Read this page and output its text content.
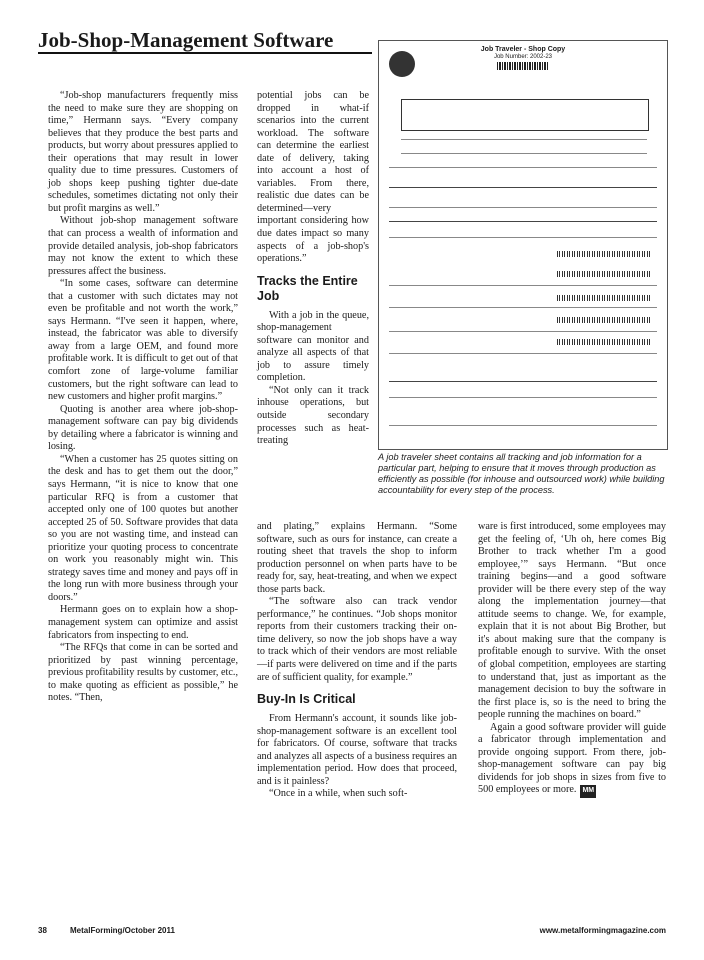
Job-Shop-Management Software

“Job-shop manufacturers frequently miss the need to make sure they are shopping on time,” Hermann says. “Every company believes that they produce the best parts and products, but worry about pressures applied to their operations that may result in lower quality due to time pressures. Customers of job shops keep pushing tighter due-date schedules, sometimes dictating not only their but profit margins as well.”

Without job-shop management software that can process a wealth of information and provide detailed analysis, job-shop fabricators may not know the extent to which these pressures affect the business.

“In some cases, software can determine that a customer with such dictates may not even be profitable and not worth the work,” says Hermann. “I've seen it happen, where, instead, the fabricator was able to diversify away from a large OEM, and found more profitable work. It is difficult to get out of that comfort zone of large-volume familiar customers, but the right software can lead to new customers and higher profit margins.”

Quoting is another area where job-shop-management software can pay big dividends by detailing where a fabricator is winning and losing.

“When a customer has 25 quotes sitting on the desk and has to get them out the door,” says Hermann, “it is nice to know that one particular RFQ is from a customer that accepted only one of 100 quotes but another accepted 25 of 50. Software provides that data so you are not wasting time, and instead can prioritize your quoting process to concentrate on work you reasonably might win. This strategy saves time and money and pays off in the long run with more business through your doors.”

Hermann goes on to explain how a shop-management system can optimize and assist fabricators from inspecting to end.

“The RFQs that come in can be sorted and prioritized by past winning percentage, previous profitability results by customer, etc., to make quoting as efficient as possible,” he notes. “Then,

potential jobs can be dropped in what-if scenarios into the current workload. The software can determine the earliest date of delivery, taking into account a host of variables. From there, realistic due dates can be determined—very important considering how due dates impact so many aspects of a job-shop's operations.”

Tracks the Entire Job

With a job in the queue, shop-management software can monitor and analyze all aspects of that job to assure timely completion.

“Not only can it track inhouse operations, but outside secondary processes such as heat-treating

and plating,” explains Hermann. “Some software, such as ours for instance, can create a routing sheet that travels the shop to inform production personnel on when parts have to be ready for, say, heat-treating, and when we expect those parts back.

“The software also can track vendor performance,” he continues. “Job shops monitor reports from their customers tracking their on-time delivery, so now the job shops have a way to track which of their vendors are most reliable—if parts were delivered on time and if the parts are of sufficient quality, for example.”

Buy-In Is Critical

From Hermann's account, it sounds like job-shop-management software is an excellent tool for fabricators. Of course, software that tracks and analyzes all aspects of a business requires an implementation period. How does that proceed, and is it painless?

“Once in a while, when such soft-

ware is first introduced, some employees may get the feeling of, ‘Uh oh, here comes Big Brother to track whether I'm a good employee,’” says Hermann. “But once training begins—and a good software provider will be there every step of the way along the implementation journey—that attitude seems to change. We, for example, explain that it is not about Big Brother, but it's about making sure that the company is profitable enough to survive. With the onset of global competition, employees are starting to understand that, just as important as the management decision to buy the software in the first place is, so is the need to bring the people running the machines on board.”

Again a good software provider will guide a fabricator through implementation and provide ongoing support. From there, job-shop-management software can pay big dividends for job shops in sizes from five to 500 employees or more. MM

Job Traveler - Shop Copy
Job Number: 2002-23
A job traveler sheet contains all tracking and job information for a particular part, helping to ensure that it moves through production as efficiently as possible (for inhouse and outsourced work) while building accountability for every step of the process.
38	MetalForming/October 2011	www.metalformingmagazine.com
